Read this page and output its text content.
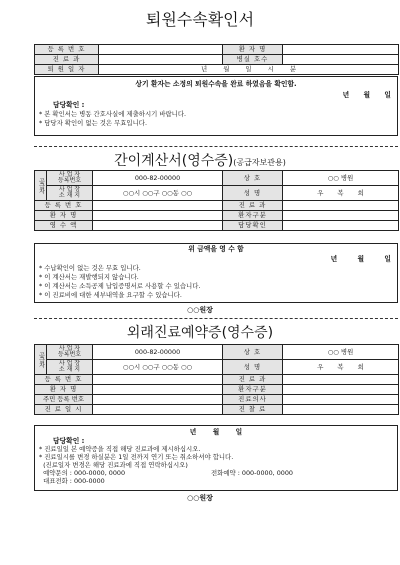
퇴원수속확인서
등 록 번 호		환 자 명	
진 료 과		병실 호수	
퇴 원 일 자	년 월 일 시 분		
상기 환자는 소정의 퇴원수속을 완료 하였음을 확인함.
년 월 일
담당확인 :
* 본 확인서는 병동 간호사실에 제출하시기 바랍니다.
* 담당자 확인이 없는 것은 무효입니다.
간이계산서(영수증)(공급자보관용)
공급자	사 업 자
등록번호	000-82-00000	상 호	○○ 병원
	사 업 장
소 재 지	○○시 ○○구 ○○동 ○○	성 명	우 복 희
등 록 번 호			진 료 과	
환 자 명			환자구분	
영 수 액			담당확인	
위 금액을 영 수 함
년 월 일
* 수납확인이 없는 것은 무효 입니다.
* 이 계산서는 재발행되지 않습니다.
* 이 계산서는 소득공제 납입증명서로 사용할 수 있습니다.
* 이 진료비에 대한 세부내역을 요구할 수 있습니다.
○○원장
외래진료예약증(영수증)
공급자	사 업 자
등록번호	000-82-00000	상 호	○○ 병원
	사 업 장
소 재 지	○○시 ○○구 ○○동 ○○	성 명	우 복 희
등 록 번 호			진 료 과	
환 자 명			환자구분	
주민 등록 번호			진료의사	
진 료 일 시			진 찰 료	
년 월 일
담당확인 :
* 진료일일 본 예약증을 직접 해당 진료과에 제시하십시오.
* 진료일시를 변경 하실분은 1일 전까지 연기 또는 취소하셔야 합니다.
(진료일자 변경은 해당 진료과에 직접 연락하십시오)
예약문의 : 000-0000, 0000	전화예약 : 000-0000, 0000
대표전화 : 000-0000
○○원장
